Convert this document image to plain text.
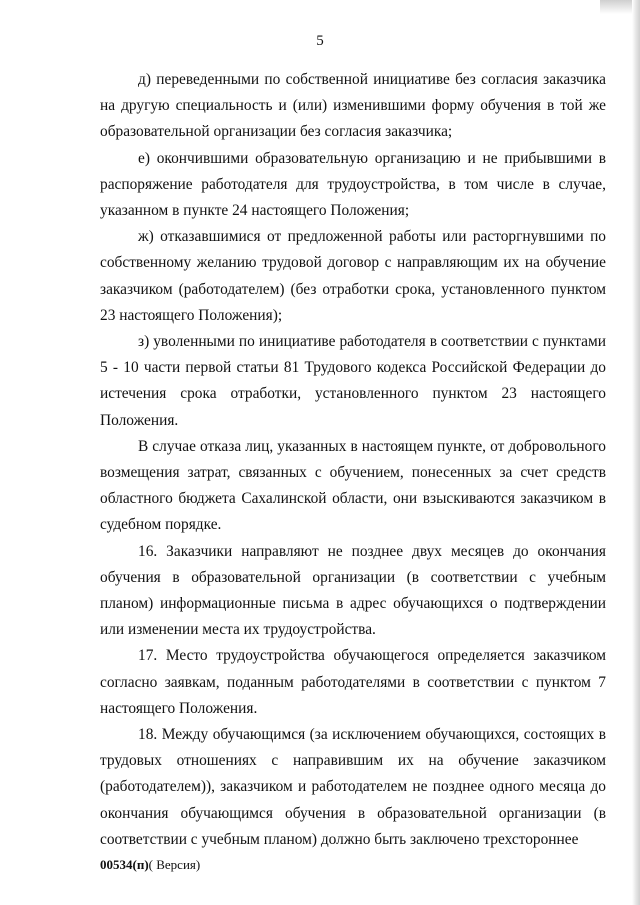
5

д) переведенными по собственной инициативе без согласия заказчика на другую специальность и (или) изменившими форму обучения в той же образовательной организации без согласия заказчика;

е) окончившими образовательную организацию и не прибывшими в распоряжение работодателя для трудоустройства, в том числе в случае, указанном в пункте 24 настоящего Положения;

ж) отказавшимися от предложенной работы или расторгнувшими по собственному желанию трудовой договор с направляющим их на обучение заказчиком (работодателем) (без отработки срока, установленного пунктом 23 настоящего Положения);

з) уволенными по инициативе работодателя в соответствии с пунктами 5 - 10 части первой статьи 81 Трудового кодекса Российской Федерации до истечения срока отработки, установленного пунктом 23 настоящего Положения.

В случае отказа лиц, указанных в настоящем пункте, от добровольного возмещения затрат, связанных с обучением, понесенных за счет средств областного бюджета Сахалинской области, они взыскиваются заказчиком в судебном порядке.

16. Заказчики направляют не позднее двух месяцев до окончания обучения в образовательной организации (в соответствии с учебным планом) информационные письма в адрес обучающихся о подтверждении или изменении места их трудоустройства.

17. Место трудоустройства обучающегося определяется заказчиком согласно заявкам, поданным работодателями в соответствии с пунктом 7 настоящего Положения.

18. Между обучающимся (за исключением обучающихся, состоящих в трудовых отношениях с направившим их на обучение заказчиком (работодателем)), заказчиком и работодателем не позднее одного месяца до окончания обучающимся обучения в образовательной организации (в соответствии с учебным планом) должно быть заключено трехстороннее

00534(п)( Версия)
